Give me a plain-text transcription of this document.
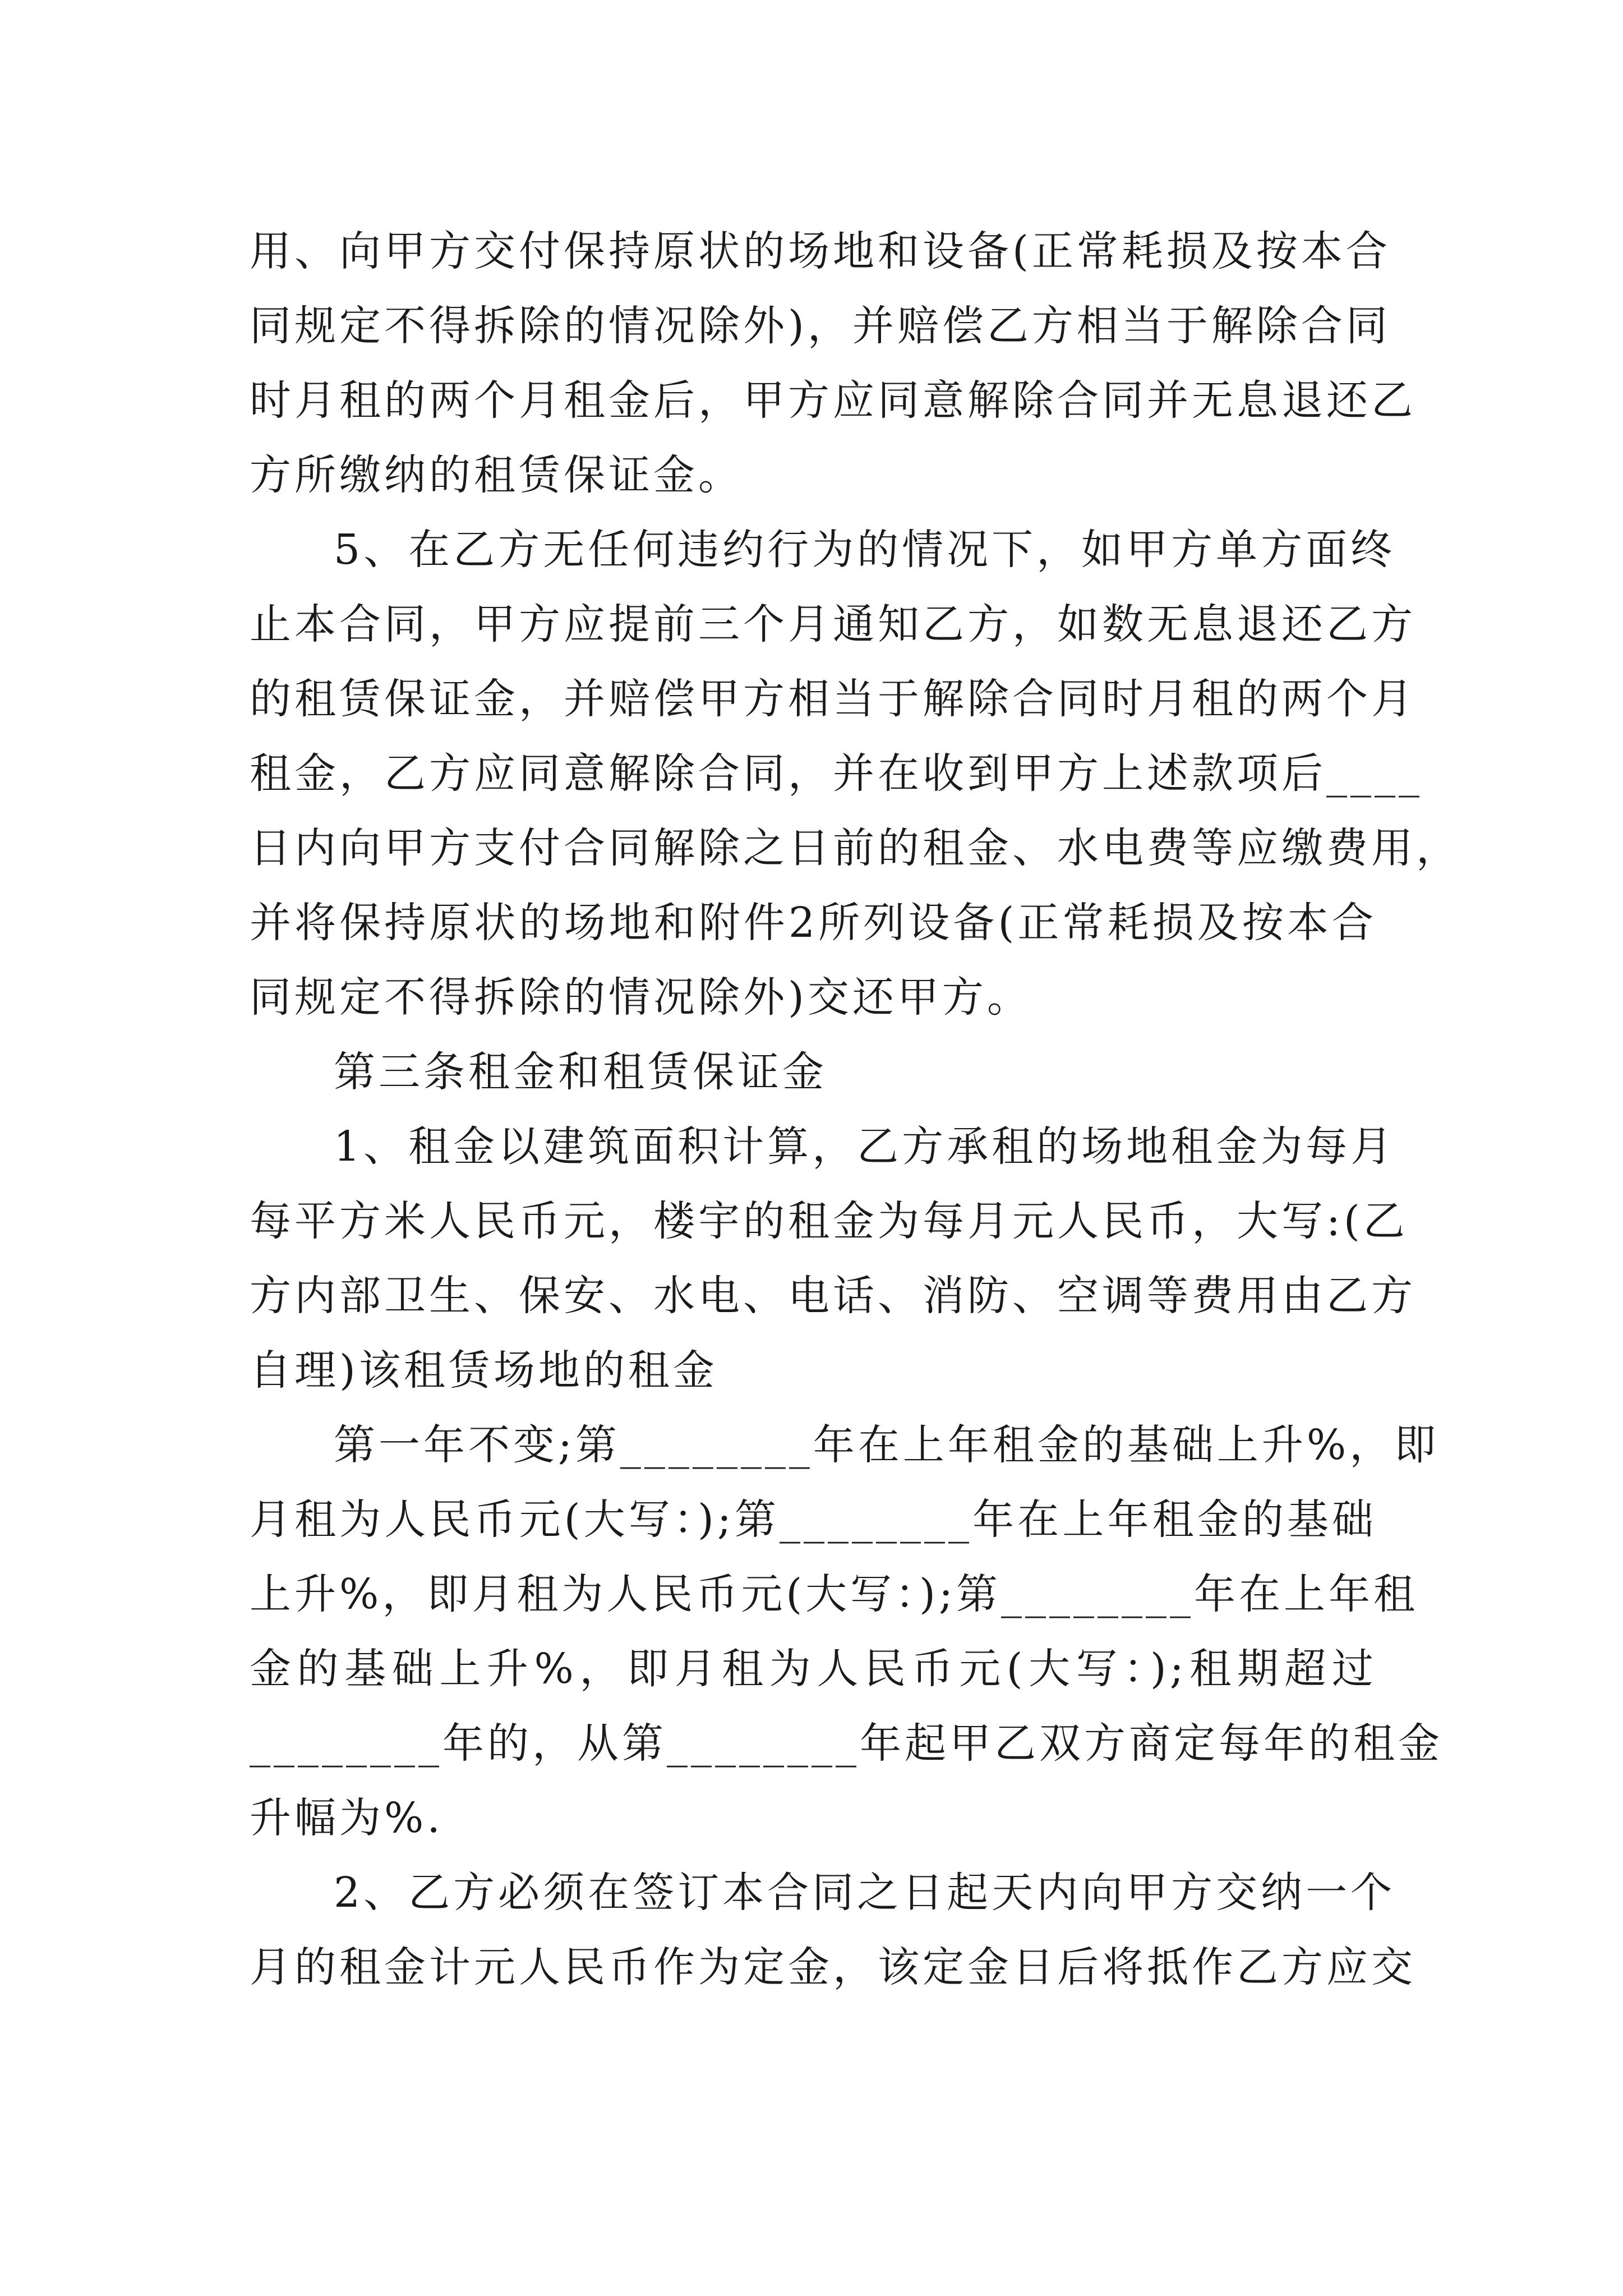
用、向甲方交付保持原状的场地和设备(正常耗损及按本合
同规定不得拆除的情况除外)，并赔偿乙方相当于解除合同
时月租的两个月租金后，甲方应同意解除合同并无息退还乙
方所缴纳的租赁保证金。
5、在乙方无任何违约行为的情况下，如甲方单方面终
止本合同，甲方应提前三个月通知乙方，如数无息退还乙方
的租赁保证金，并赔偿甲方相当于解除合同时月租的两个月
租金，乙方应同意解除合同，并在收到甲方上述款项后____
日内向甲方支付合同解除之日前的租金、水电费等应缴费用，
并将保持原状的场地和附件2所列设备(正常耗损及按本合
同规定不得拆除的情况除外)交还甲方。
第三条租金和租赁保证金
1、租金以建筑面积计算，乙方承租的场地租金为每月
每平方米人民币元，楼宇的租金为每月元人民币，大写:(乙
方内部卫生、保安、水电、电话、消防、空调等费用由乙方
自理)该租赁场地的租金
第一年不变;第________年在上年租金的基础上升%，即
月租为人民币元(大写：);第________年在上年租金的基础
上升%，即月租为人民币元(大写：);第________年在上年租
金的基础上升%，即月租为人民币元(大写：);租期超过
________年的，从第________年起甲乙双方商定每年的租金
升幅为%.
2、乙方必须在签订本合同之日起天内向甲方交纳一个
月的租金计元人民币作为定金，该定金日后将抵作乙方应交
